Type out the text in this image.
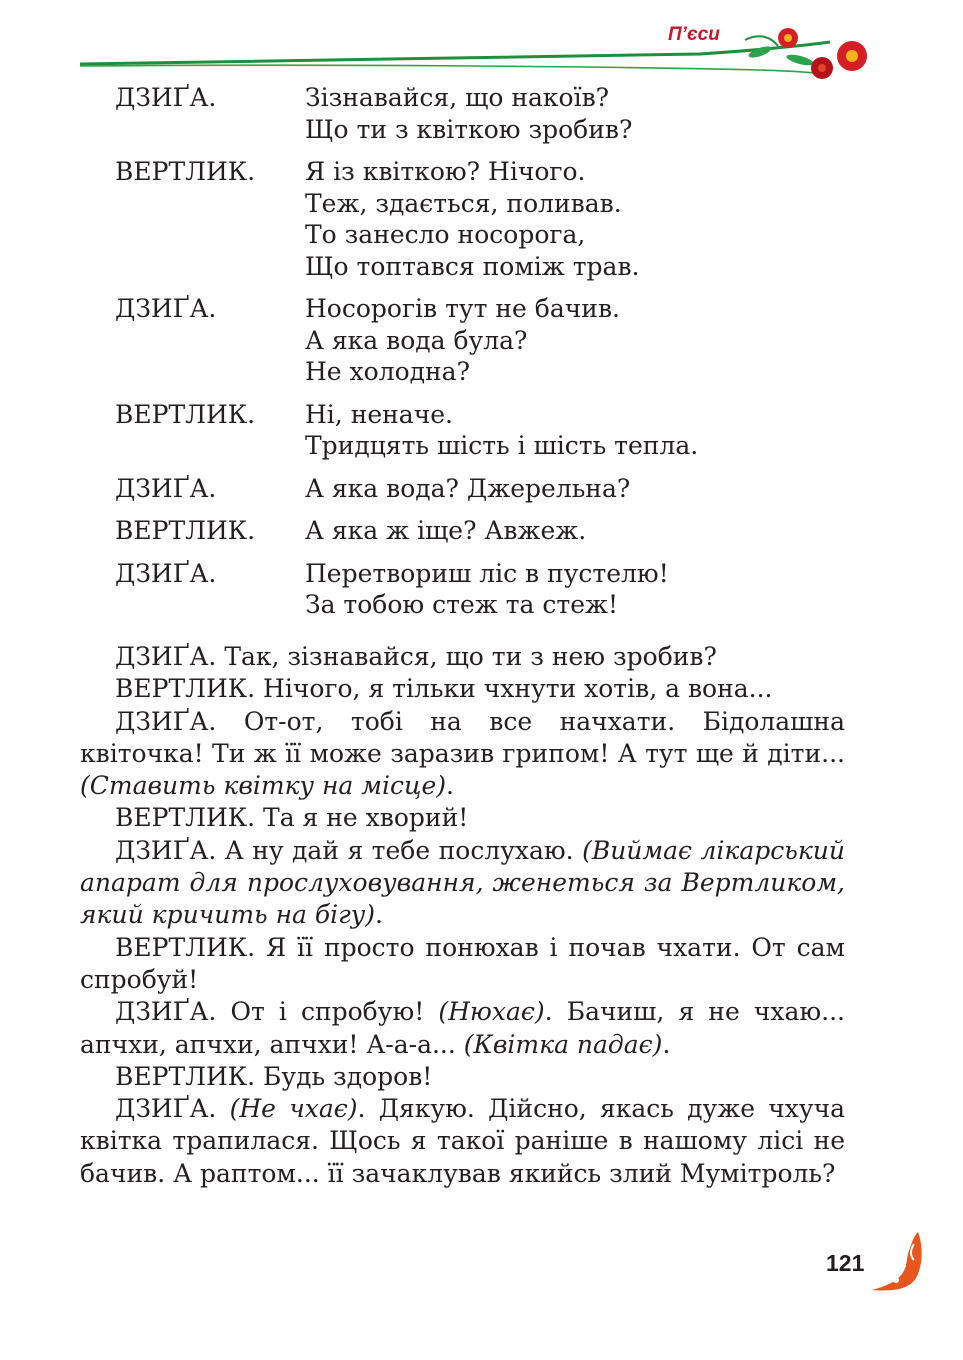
П’єси
ДЗИҐА.	Зізнавайся, що накоїв?
Що ти з квіткою зробив?
ВЕРТЛИК.	Я із квіткою? Нічого.
Теж, здається, поливав.
То занесло носорога,
Що топтався поміж трав.
ДЗИҐА.	Носорогів тут не бачив.
А яка вода була?
Не холодна?
ВЕРТЛИК.	Ні, неначе.
Тридцять шість і шість тепла.
ДЗИҐА.	А яка вода? Джерельна?
ВЕРТЛИК.	А яка ж іще? Авжеж.
ДЗИҐА.	Перетвориш ліс в пустелю!
За тобою стеж та стеж!

ДЗИҐА. Так, зізнавайся, що ти з нею зробив?

ВЕРТЛИК. Нічого, я тільки чхнути хотів, а вона...

ДЗИҐА. От-от, тобі на все начхати. Бідолашна квіточка! Ти ж її може заразив грипом! А тут ще й діти... (Ставить квітку на місце).

ВЕРТЛИК. Та я не хворий!

ДЗИҐА. А ну дай я тебе послухаю. (Виймає лікарський апарат для прослуховування, женеться за Вертликом, який кричить на бігу).

ВЕРТЛИК. Я її просто понюхав і почав чхати. От сам спробуй!

ДЗИҐА. От і спробую! (Нюхає). Бачиш, я не чхаю... апчхи, апчхи, апчхи! А-а-а... (Квітка падає).

ВЕРТЛИК. Будь здоров!

ДЗИҐА. (Не чхає). Дякую. Дійсно, якась дуже чхуча квітка трапилася. Щось я такої раніше в нашому лісі не бачив. А раптом... її зачаклував якийсь злий Мумітроль?

121
